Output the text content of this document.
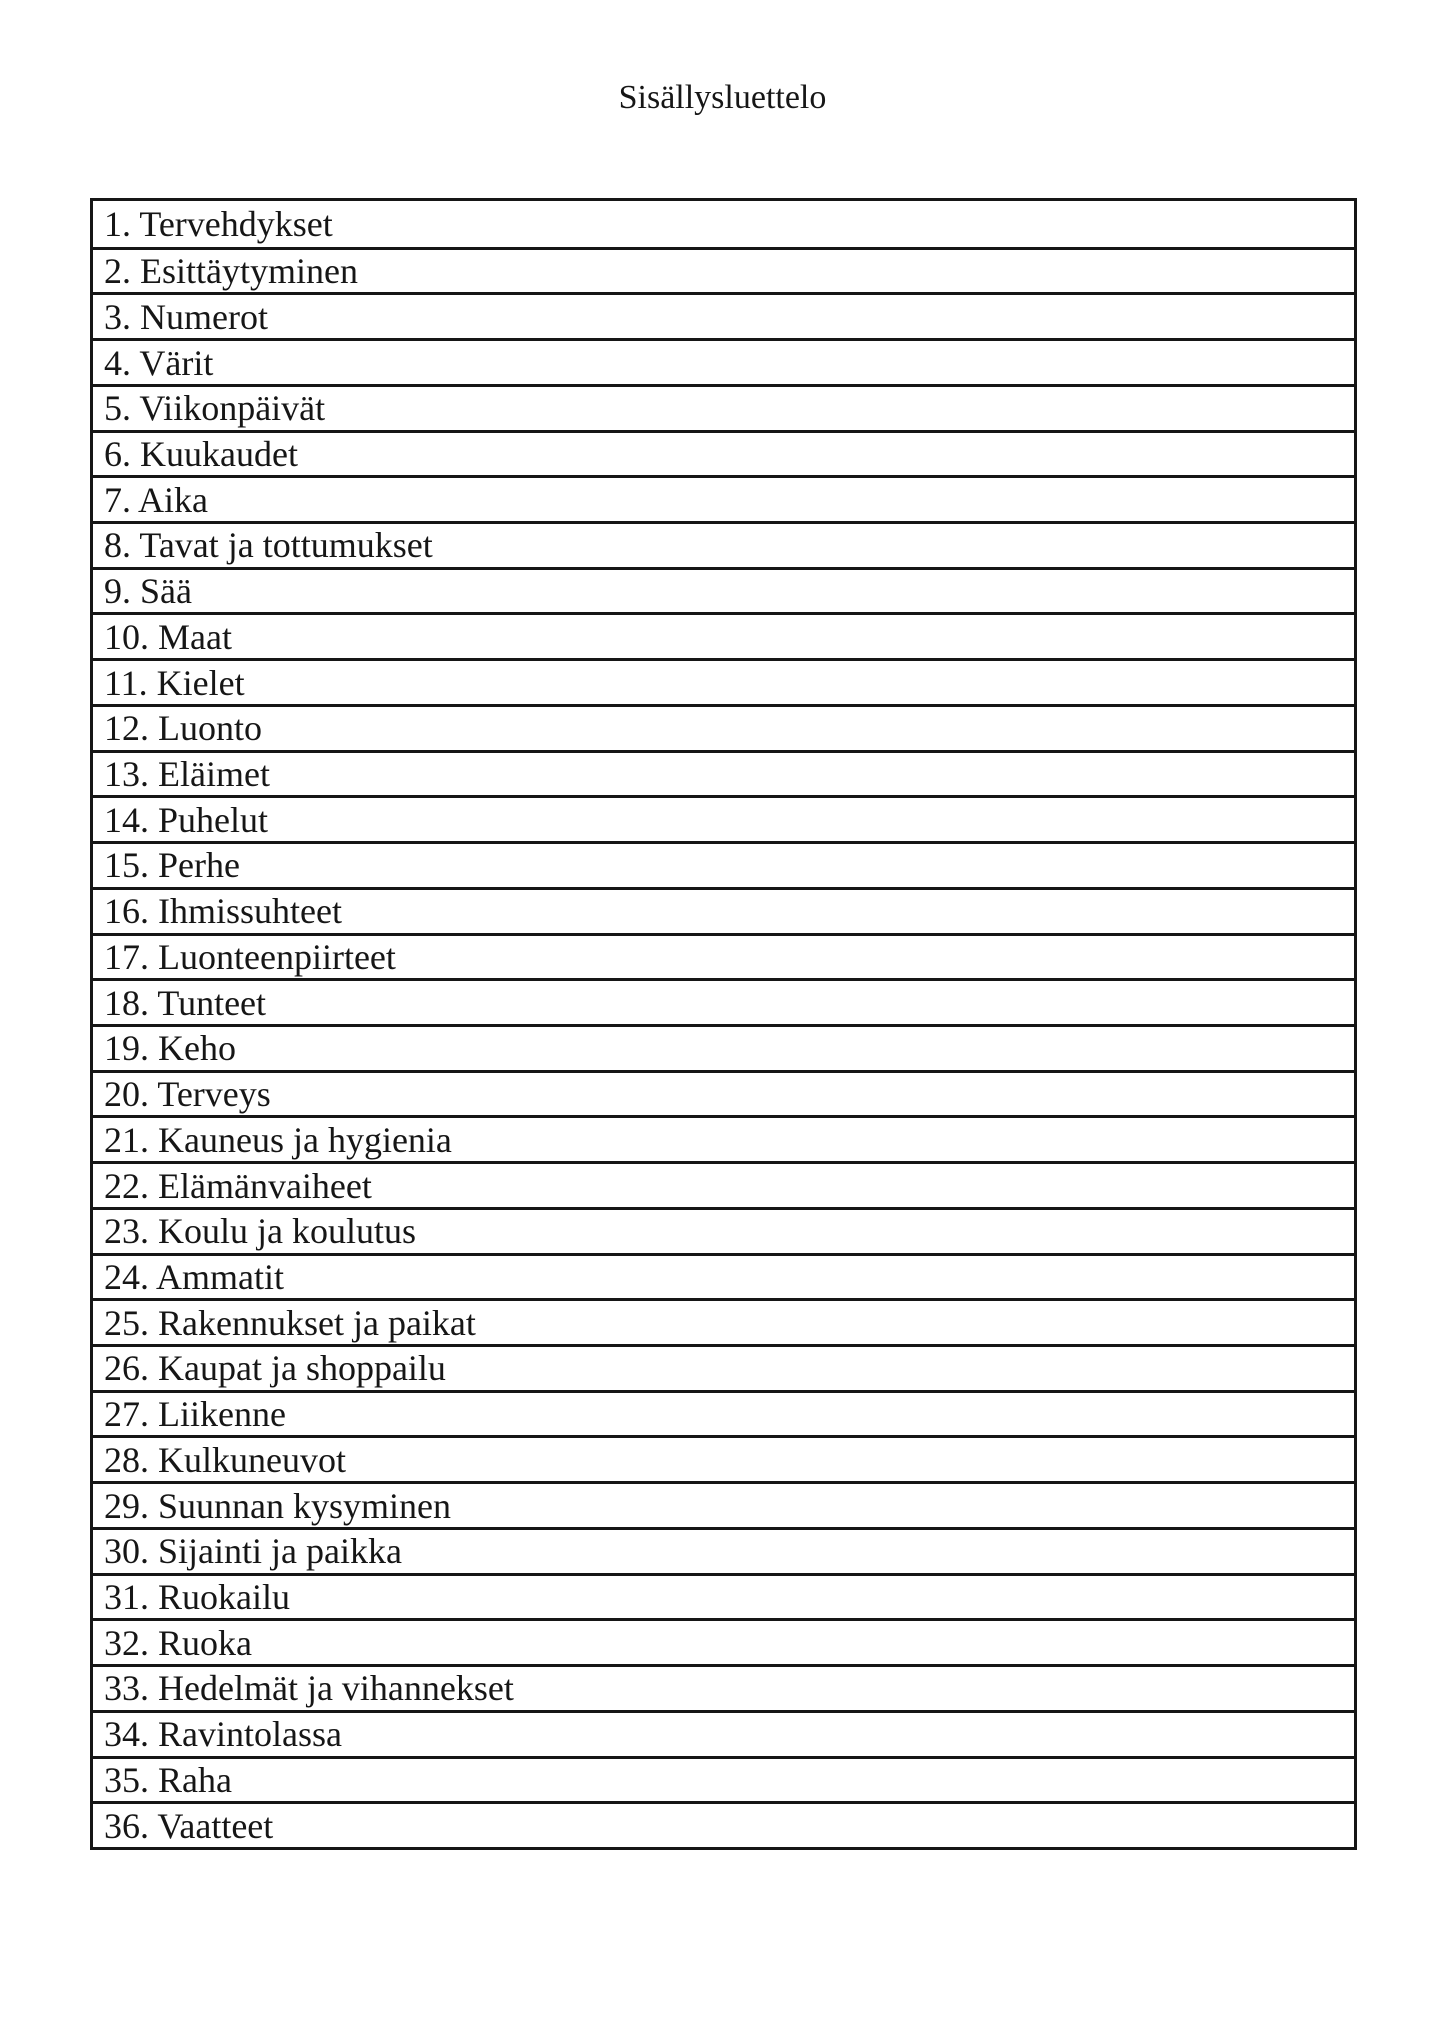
Sisällysluettelo
1. Tervehdykset
2. Esittäytyminen
3. Numerot
4. Värit
5. Viikonpäivät
6. Kuukaudet
7. Aika
8. Tavat ja tottumukset
9. Sää
10. Maat
11. Kielet
12. Luonto
13. Eläimet
14. Puhelut
15. Perhe
16. Ihmissuhteet
17. Luonteenpiirteet
18. Tunteet
19. Keho
20. Terveys
21. Kauneus ja hygienia
22. Elämänvaiheet
23. Koulu ja koulutus
24. Ammatit
25. Rakennukset ja paikat
26. Kaupat ja shoppailu
27. Liikenne
28. Kulkuneuvot
29. Suunnan kysyminen
30. Sijainti ja paikka
31. Ruokailu
32. Ruoka
33. Hedelmät ja vihannekset
34. Ravintolassa
35. Raha
36. Vaatteet
